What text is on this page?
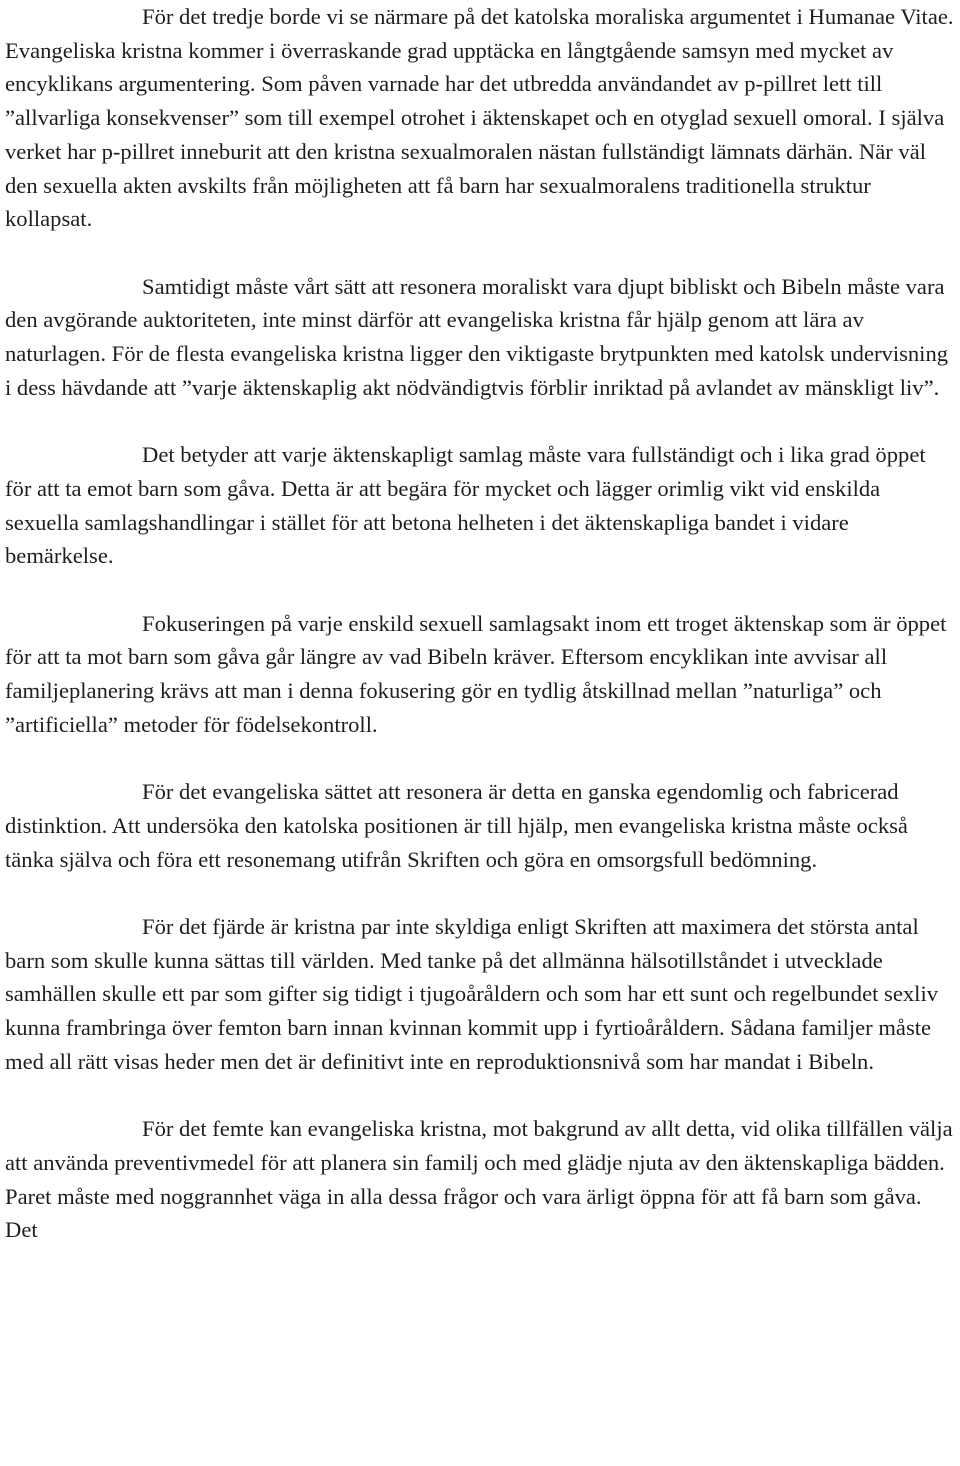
För det tredje borde vi se närmare på det katolska moraliska argumentet i Humanae Vitae. Evangeliska kristna kommer i överraskande grad upptäcka en långtgående samsyn med mycket av encyklikans argumentering. Som påven varnade har det utbredda användandet av p-pillret lett till ”allvarliga konsekvenser” som till exempel otrohet i äktenskapet och en otyglad sexuell omoral. I själva verket har p-pillret inneburit att den kristna sexualmoralen nästan fullständigt lämnats därhän. När väl den sexuella akten avskilts från möjligheten att få barn har sexualmoralens traditionella struktur kollapsat.

Samtidigt måste vårt sätt att resonera moraliskt vara djupt bibliskt och Bibeln måste vara den avgörande auktoriteten, inte minst därför att evangeliska kristna får hjälp genom att lära av naturlagen. För de flesta evangeliska kristna ligger den viktigaste brytpunkten med katolsk undervisning i dess hävdande att ”varje äktenskaplig akt nödvändigtvis förblir inriktad på avlandet av mänskligt liv”.

Det betyder att varje äktenskapligt samlag måste vara fullständigt och i lika grad öppet för att ta emot barn som gåva. Detta är att begära för mycket och lägger orimlig vikt vid enskilda sexuella samlagshandlingar i stället för att betona helheten i det äktenskapliga bandet i vidare bemärkelse.

Fokuseringen på varje enskild sexuell samlagsakt inom ett troget äktenskap som är öppet för att ta mot barn som gåva går längre av vad Bibeln kräver. Eftersom encyklikan inte avvisar all familjeplanering krävs att man i denna fokusering gör en tydlig åtskillnad mellan ”naturliga” och ”artificiella” metoder för födelsekontroll.

För det evangeliska sättet att resonera är detta en ganska egendomlig och fabricerad distinktion. Att undersöka den katolska positionen är till hjälp, men evangeliska kristna måste också tänka själva och föra ett resonemang utifrån Skriften och göra en omsorgsfull bedömning.

För det fjärde är kristna par inte skyldiga enligt Skriften att maximera det största antal barn som skulle kunna sättas till världen. Med tanke på det allmänna hälsotillståndet i utvecklade samhällen skulle ett par som gifter sig tidigt i tjugoåråldern och som har ett sunt och regelbundet sexliv kunna frambringa över femton barn innan kvinnan kommit upp i fyrtioåråldern. Sådana familjer måste med all rätt visas heder men det är definitivt inte en reproduktionsnivå som har mandat i Bibeln.

För det femte kan evangeliska kristna, mot bakgrund av allt detta, vid olika tillfällen välja att använda preventivmedel för att planera sin familj och med glädje njuta av den äktenskapliga bädden. Paret måste med noggrannhet väga in alla dessa frågor och vara ärligt öppna för att få barn som gåva. Det
